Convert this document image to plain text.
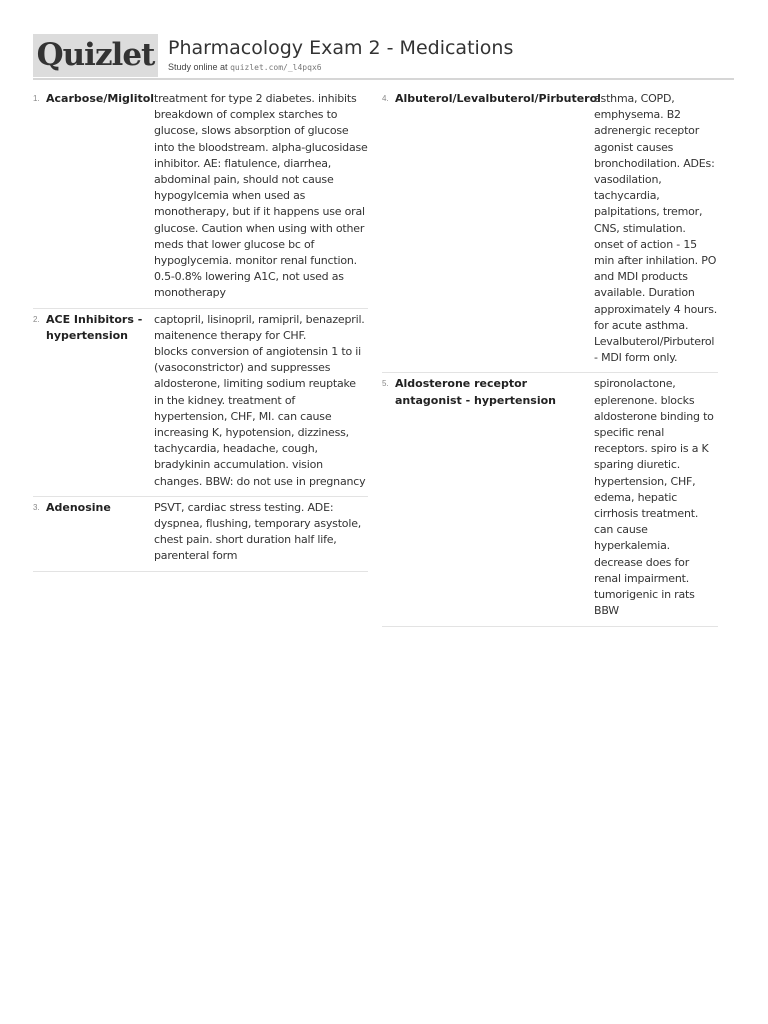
Quizlet Pharmacology Exam 2 - Medications
Study online at quizlet.com/_l4pqx6
1. Acarbose/Miglitol treatment for type 2 diabetes. inhibits breakdown of complex starches to glucose, slows absorption of glucose into the bloodstream. alpha-glucosidase inhibitor. AE: flatulence, diarrhea, abdominal pain, should not cause hypogylcemia when used as monotherapy, but if it happens use oral glucose. Caution when using with other meds that lower glucose bc of hypoglycemia. monitor renal function. 0.5-0.8% lowering A1C, not used as monotherapy
2. ACE Inhibitors - hypertension
captopril, lisinopril, ramipril, benazepril. maitenence therapy for CHF.
blocks conversion of angiotensin 1 to ii (vasoconstrictor) and suppresses aldosterone, limiting sodium reuptake in the kidney. treatment of hypertension, CHF, MI. can cause increasing K, hypotension, dizziness, tachycardia, headache, cough, bradykinin accumulation. vision changes. BBW: do not use in pregnancy
3. Adenosine	PSVT, cardiac stress testing. ADE: dyspnea, flushing, temporary asystole, chest pain. short duration half life, parenteral form
4. Albuterol/Levalbuterol/Pirbuterol
asthma, COPD, emphysema. B2 adrenergic receptor agonist causes bronchodilation. ADEs: vasodilation, tachycardia, palpitations, tremor, CNS, stimulation. onset of action - 15 min after inhilation. PO and MDI products available. Duration approximately 4 hours. for acute asthma. Levalbuterol/Pirbuterol - MDI form only.
5. Aldosterone receptor antagonist - hypertension
spironolactone, eplerenone. blocks aldosterone binding to specific renal receptors. spiro is a K sparing diuretic. hypertension, CHF, edema, hepatic cirrhosis treatment. can cause hyperkalemia. decrease does for renal impairment. tumorigenic in rats BBW
